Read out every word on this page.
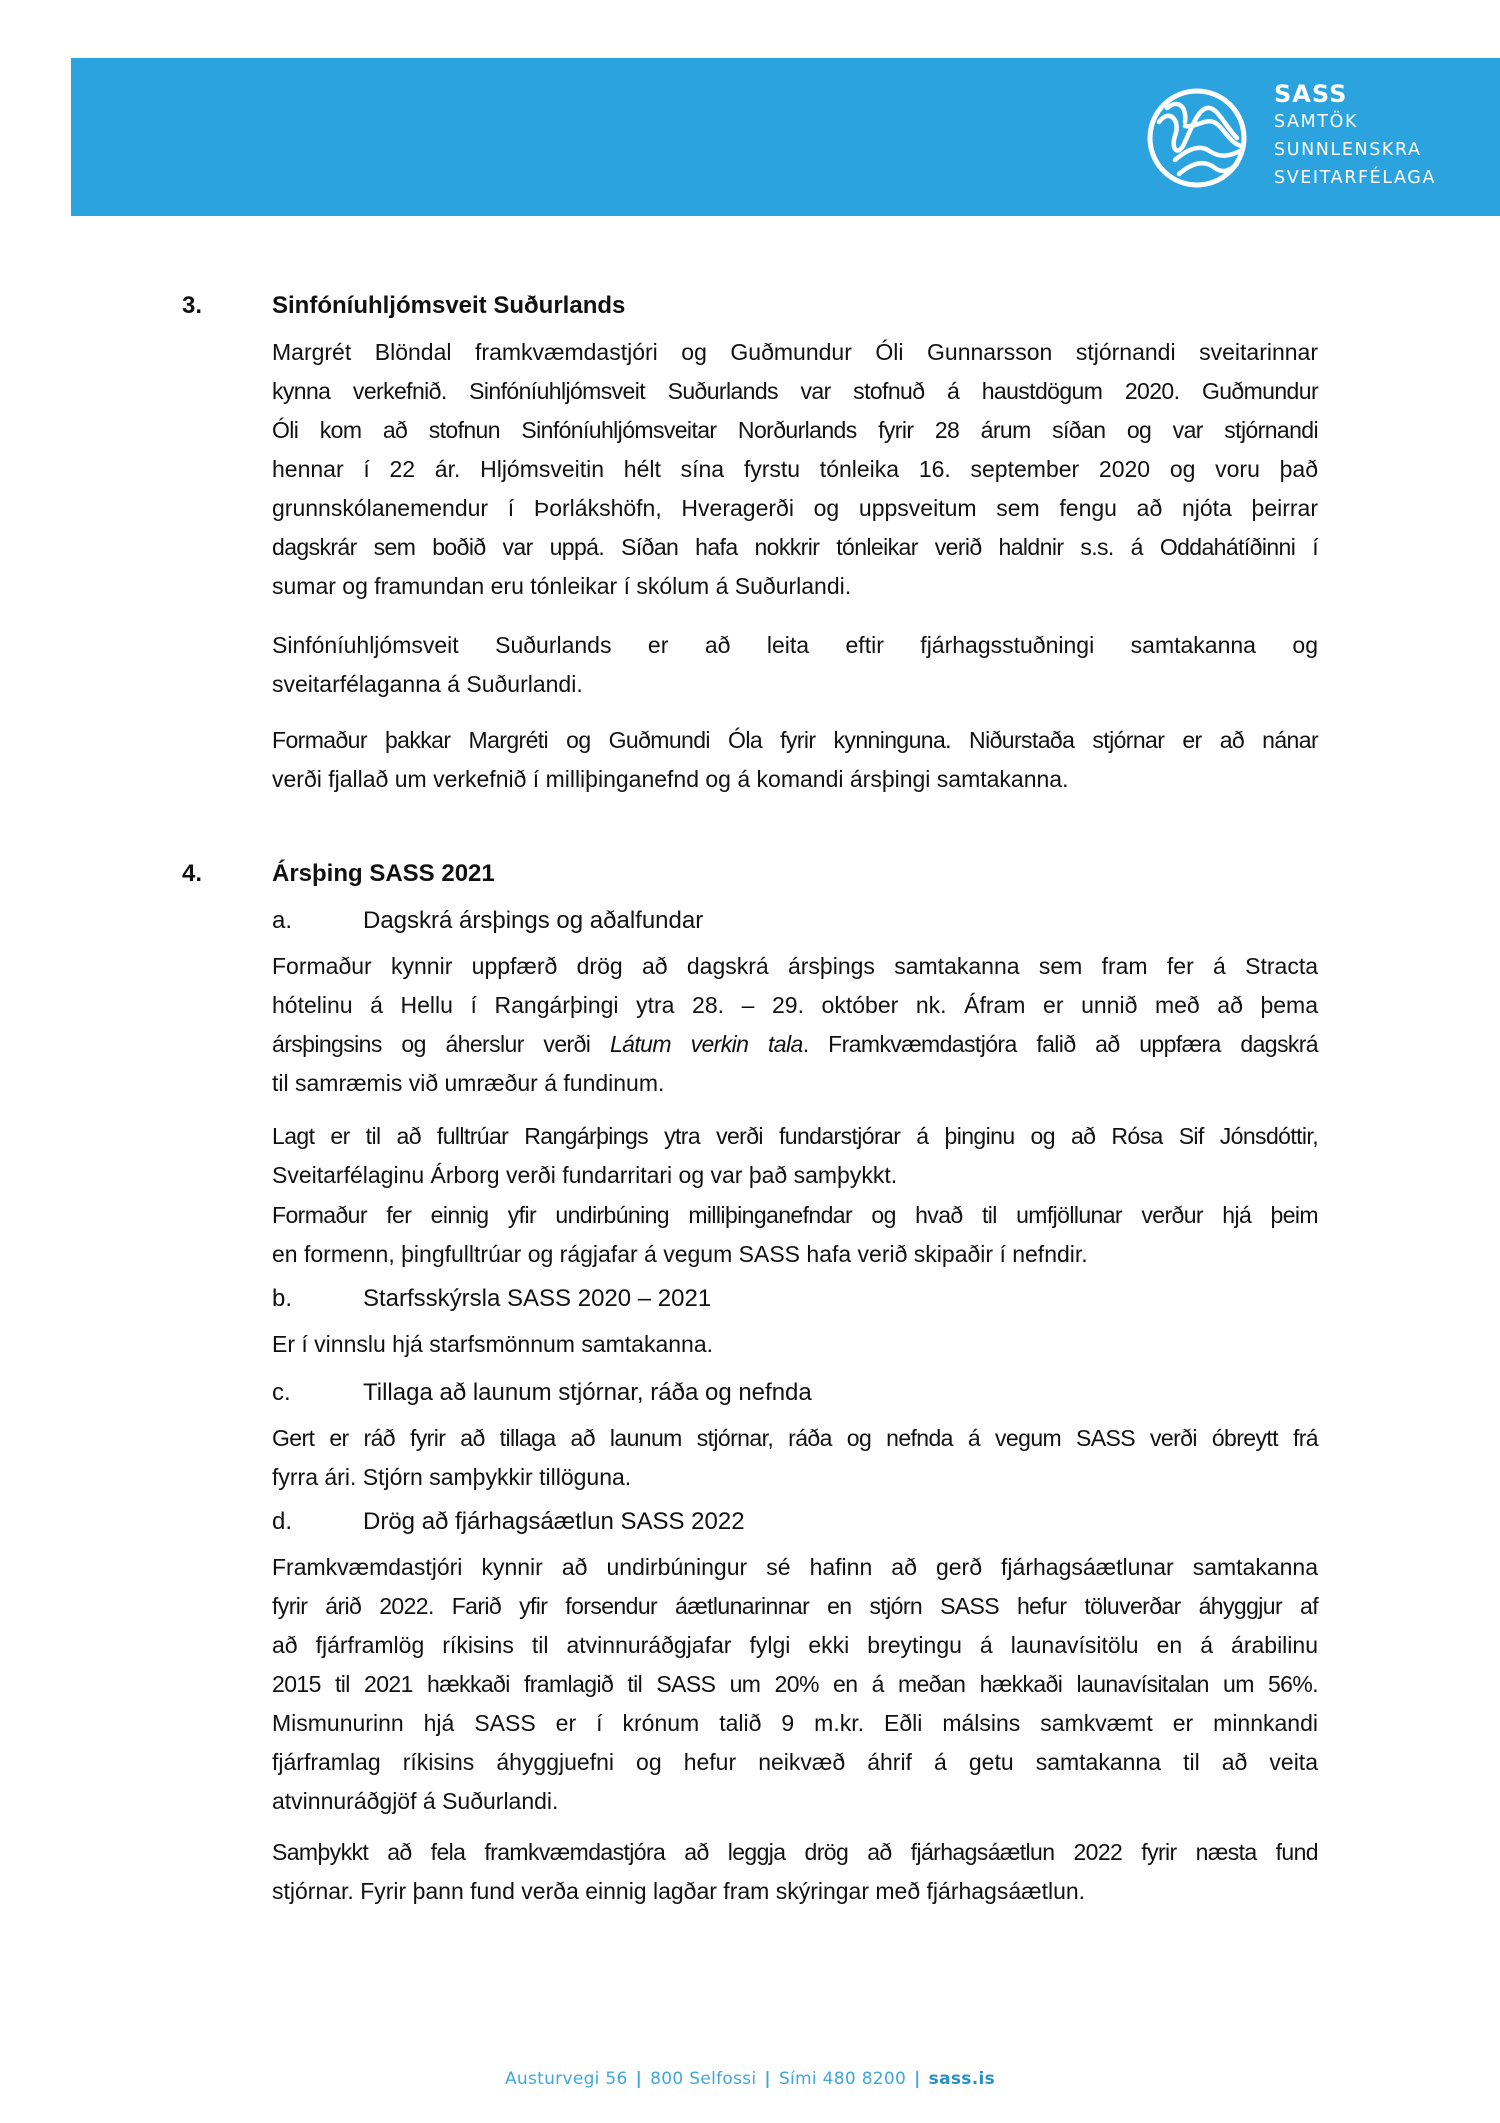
SASS
SAMTÖK
SUNNLENSKRA
SVEITARFÉLAGA
3.	Sinfóníuhljómsveit Suðurlands
Margrét Blöndal framkvæmdastjóri og Guðmundur Óli Gunnarsson stjórnandi sveitarinnar
kynna verkefnið. Sinfóníuhljómsveit Suðurlands var stofnuð á haustdögum 2020. Guðmundur
Óli kom að stofnun Sinfóníuhljómsveitar Norðurlands fyrir 28 árum síðan og var stjórnandi
hennar í 22 ár. Hljómsveitin hélt sína fyrstu tónleika 16. september 2020 og voru það
grunnskólanemendur í Þorlákshöfn, Hveragerði og uppsveitum sem fengu að njóta þeirrar
dagskrár sem boðið var uppá. Síðan hafa nokkrir tónleikar verið haldnir s.s. á Oddahátíðinni í
sumar og framundan eru tónleikar í skólum á Suðurlandi.
Sinfóníuhljómsveit Suðurlands er að leita eftir fjárhagsstuðningi samtakanna og
sveitarfélaganna á Suðurlandi.
Formaður þakkar Margréti og Guðmundi Óla fyrir kynninguna. Niðurstaða stjórnar er að nánar
verði fjallað um verkefnið í milliþinganefnd og á komandi ársþingi samtakanna.
4.	Ársþing SASS 2021
a.	Dagskrá ársþings og aðalfundar
Formaður kynnir uppfærð drög að dagskrá ársþings samtakanna sem fram fer á Stracta
hótelinu á Hellu í Rangárþingi ytra 28. – 29. október nk. Áfram er unnið með að þema
ársþingsins og áherslur verði Látum verkin tala. Framkvæmdastjóra falið að uppfæra dagskrá
til samræmis við umræður á fundinum.
Lagt er til að fulltrúar Rangárþings ytra verði fundarstjórar á þinginu og að Rósa Sif Jónsdóttir,
Sveitarfélaginu Árborg verði fundarritari og var það samþykkt.
Formaður fer einnig yfir undirbúning milliþinganefndar og hvað til umfjöllunar verður hjá þeim
en formenn, þingfulltrúar og rágjafar á vegum SASS hafa verið skipaðir í nefndir.
b.	Starfsskýrsla SASS 2020 – 2021
Er í vinnslu hjá starfsmönnum samtakanna.
c.	Tillaga að launum stjórnar, ráða og nefnda
Gert er ráð fyrir að tillaga að launum stjórnar, ráða og nefnda á vegum SASS verði óbreytt frá
fyrra ári. Stjórn samþykkir tillöguna.
d.	Drög að fjárhagsáætlun SASS 2022
Framkvæmdastjóri kynnir að undirbúningur sé hafinn að gerð fjárhagsáætlunar samtakanna
fyrir árið 2022. Farið yfir forsendur áætlunarinnar en stjórn SASS hefur töluverðar áhyggjur af
að fjárframlög ríkisins til atvinnuráðgjafar fylgi ekki breytingu á launavísitölu en á árabilinu
2015 til 2021 hækkaði framlagið til SASS um 20% en á meðan hækkaði launavísitalan um 56%.
Mismunurinn hjá SASS er í krónum talið 9 m.kr. Eðli málsins samkvæmt er minnkandi
fjárframlag ríkisins áhyggjuefni og hefur neikvæð áhrif á getu samtakanna til að veita
atvinnuráðgjöf á Suðurlandi.
Samþykkt að fela framkvæmdastjóra að leggja drög að fjárhagsáætlun 2022 fyrir næsta fund
stjórnar. Fyrir þann fund verða einnig lagðar fram skýringar með fjárhagsáætlun.
Austurvegi 56 | 800 Selfossi | Sími 480 8200 | sass.is
